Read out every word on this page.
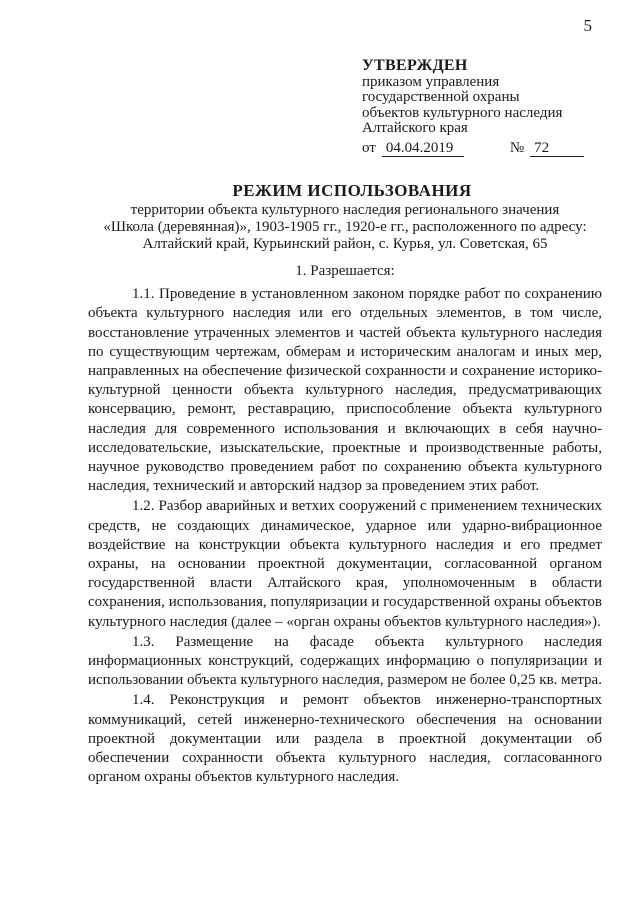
5
УТВЕРЖДЕН
приказом управления
государственной охраны
объектов культурного наследия
Алтайского края
от 04.04.2019	№ 72
РЕЖИМ ИСПОЛЬЗОВАНИЯ
территории объекта культурного наследия регионального значения
«Школа (деревянная)», 1903-1905 гг., 1920-е гг., расположенного по адресу:
Алтайский край, Курьинский район, с. Курья, ул. Советская, 65

1. Разрешается:

1.1. Проведение в установленном законом порядке работ по сохранению объекта культурного наследия или его отдельных элементов, в том числе, восстановление утраченных элементов и частей объекта культурного наследия по существующим чертежам, обмерам и историческим аналогам и иных мер, направленных на обеспечение физической сохранности и сохранение историко-культурной ценности объекта культурного наследия, предусматривающих консервацию, ремонт, реставрацию, приспособление объекта культурного наследия для современного использования и включающих в себя научно-исследовательские, изыскательские, проектные и производственные работы, научное руководство проведением работ по сохранению объекта культурного наследия, технический и авторский надзор за проведением этих работ.

1.2. Разбор аварийных и ветхих сооружений с применением технических средств, не создающих динамическое, ударное или ударно-вибрационное воздействие на конструкции объекта культурного наследия и его предмет охраны, на основании проектной документации, согласованной органом государственной власти Алтайского края, уполномоченным в области сохранения, использования, популяризации и государственной охраны объектов культурного наследия (далее – «орган охраны объектов культурного наследия»).

1.3. Размещение на фасаде объекта культурного наследия информационных конструкций, содержащих информацию о популяризации и использовании объекта культурного наследия, размером не более 0,25 кв. метра.

1.4. Реконструкция и ремонт объектов инженерно-транспортных коммуникаций, сетей инженерно-технического обеспечения на основании проектной документации или раздела в проектной документации об обеспечении сохранности объекта культурного наследия, согласованного органом охраны объектов культурного наследия.
